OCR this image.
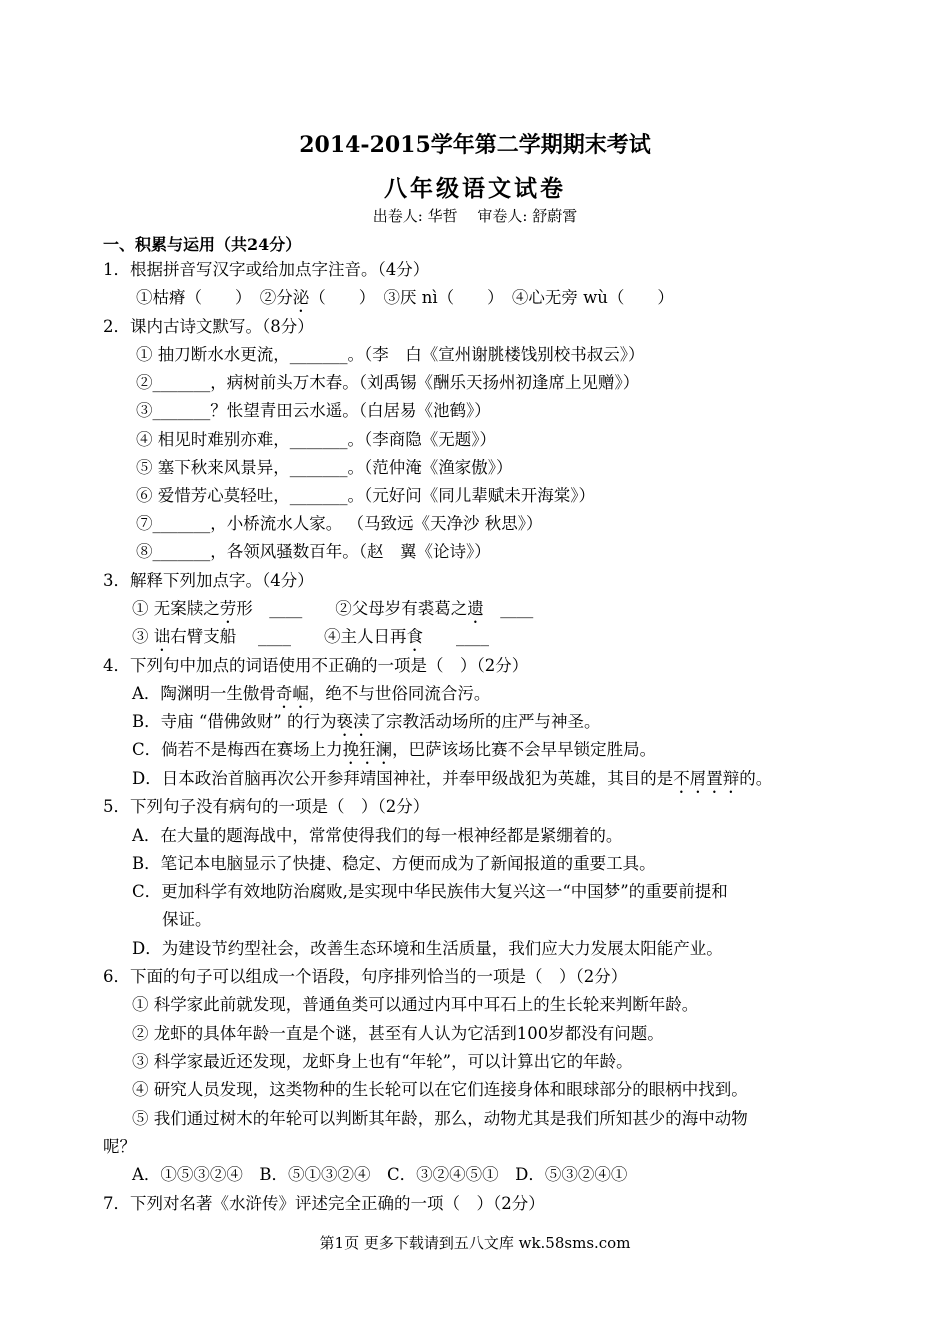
2014-2015学年第二学期期末考试
八年级语文试卷
出卷人: 华哲　 审卷人: 舒蔚霄
一、积累与运用（共24分）
1．根据拼音写汉字或给加点字注音。（4分）
①枯瘠（　　）　②分泌（　　）　③厌 nì（　　）　④心无旁 wù（　　）
2．课内古诗文默写。（8分）
① 抽刀断水水更流，_______。（李　白《宣州谢朓楼饯别校书叔云》）
②_______，病树前头万木春。（刘禹锡《酬乐天扬州初逢席上见赠》）
③_______？怅望青田云水遥。（白居易《池鹤》）
④ 相见时难别亦难，_______。（李商隐《无题》）
⑤ 塞下秋来风景异，_______。（范仲淹《渔家傲》）
⑥ 爱惜芳心莫轻吐，_______。（元好问《同儿辈赋未开海棠》）
⑦_______，小桥流水人家。 （马致远《天净沙 秋思》）
⑧_______，各领风骚数百年。（赵　翼《论诗》）
3．解释下列加点字。（4分）
① 无案牍之劳形　____　　②父母岁有裘葛之遗　____
③ 诎右臂支船　 ____　　④主人日再食　　____
4．下列句中加点的词语使用不正确的一项是（　）（2分）
A．陶渊明一生傲骨奇崛，绝不与世俗同流合污。
B．寺庙 “借佛敛财” 的行为亵渎了宗教活动场所的庄严与神圣。
C．倘若不是梅西在赛场上力挽狂澜，巴萨该场比赛不会早早锁定胜局。
D．日本政治首脑再次公开参拜靖国神社，并奉甲级战犯为英雄，其目的是不屑置辩的。
5．下列句子没有病句的一项是（　）（2分）
A．在大量的题海战中，常常使得我们的每一根神经都是紧绷着的。
B．笔记本电脑显示了快捷、稳定、方便而成为了新闻报道的重要工具。
C．更加科学有效地防治腐败,是实现中华民族伟大复兴这一“中国梦”的重要前提和
保证。
D．为建设节约型社会，改善生态环境和生活质量，我们应大力发展太阳能产业。
6．下面的句子可以组成一个语段，句序排列恰当的一项是（　）（2分）
① 科学家此前就发现，普通鱼类可以通过内耳中耳石上的生长轮来判断年龄。
② 龙虾的具体年龄一直是个谜，甚至有人认为它活到100岁都没有问题。
③ 科学家最近还发现，龙虾身上也有“年轮”，可以计算出它的年龄。
④ 研究人员发现，这类物种的生长轮可以在它们连接身体和眼球部分的眼柄中找到。
⑤ 我们通过树木的年轮可以判断其年龄，那么，动物尤其是我们所知甚少的海中动物
呢？
A．①⑤③②④　B．⑤①③②④　C．③②④⑤①　D．⑤③②④①
7．下列对名著《水浒传》评述完全正确的一项（　）（2分）
第1页 更多下载请到五八文库 wk.58sms.com
